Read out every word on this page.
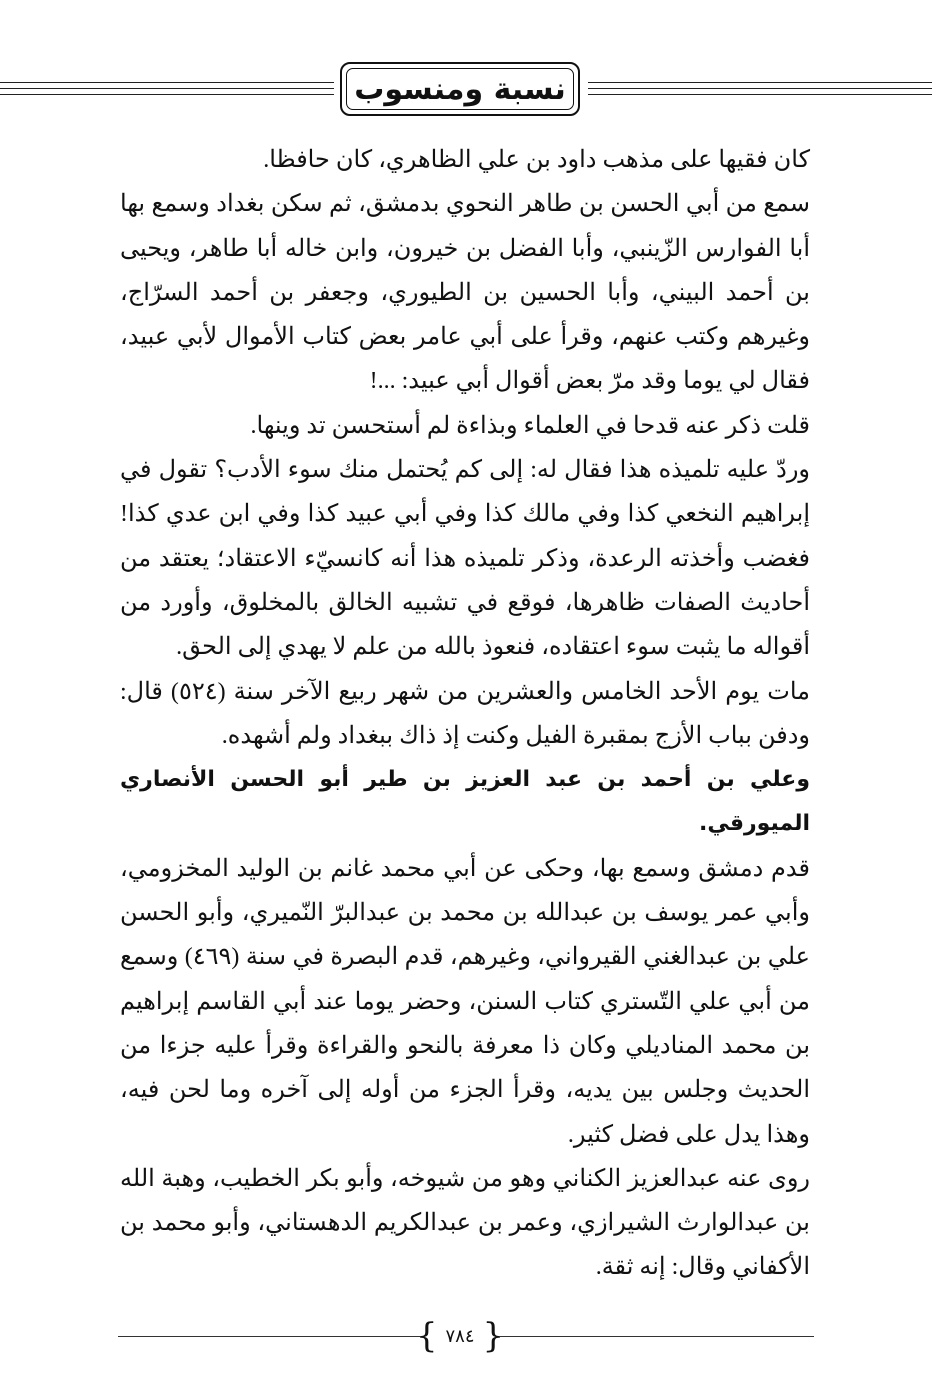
نسبة ومنسوب

كان فقيها على مذهب داود بن علي الظاهري، كان حافظا.

سمع من أبي الحسن بن طاهر النحوي بدمشق، ثم سكن بغداد وسمع بها أبا الفوارس الزّينبي، وأبا الفضل بن خيرون، وابن خاله أبا طاهر، ويحيى بن أحمد البيني، وأبا الحسين بن الطيوري، وجعفر بن أحمد السرّاج، وغيرهم وكتب عنهم، وقرأ على أبي عامر بعض كتاب الأموال لأبي عبيد، فقال لي يوما وقد مرّ بعض أقوال أبي عبيد: ...!

قلت ذكر عنه قدحا في العلماء وبذاءة لم أستحسن تد وينها.

وردّ عليه تلميذه هذا فقال له: إلى كم يُحتمل منك سوء الأدب؟ تقول في إبراهيم النخعي كذا وفي مالك كذا وفي أبي عبيد كذا وفي ابن عدي كذا! فغضب وأخذته الرعدة، وذكر تلميذه هذا أنه كانسيّء الاعتقاد؛ يعتقد من أحاديث الصفات ظاهرها، فوقع في تشبيه الخالق بالمخلوق، وأورد من أقواله ما يثبت سوء اعتقاده، فنعوذ بالله من علم لا يهدي إلى الحق.

مات يوم الأحد الخامس والعشرين من شهر ربيع الآخر سنة (٥٢٤) قال: ودفن بباب الأزج بمقبرة الفيل وكنت إذ ذاك ببغداد ولم أشهده.

وعلي بن أحمد بن عبد العزيز بن طير أبو الحسن الأنصاري الميورقي.

قدم دمشق وسمع بها، وحكى عن أبي محمد غانم بن الوليد المخزومي، وأبي عمر يوسف بن عبدالله بن محمد بن عبدالبرّ النّميري، وأبو الحسن علي بن عبدالغني القيرواني، وغيرهم، قدم البصرة في سنة (٤٦٩) وسمع من أبي علي التّستري كتاب السنن، وحضر يوما عند أبي القاسم إبراهيم بن محمد المناديلي وكان ذا معرفة بالنحو والقراءة وقرأ عليه جزءا من الحديث وجلس بين يديه، وقرأ الجزء من أوله إلى آخره وما لحن فيه، وهذا يدل على فضل كثير.

روى عنه عبدالعزيز الكناني وهو من شيوخه، وأبو بكر الخطيب، وهبة الله بن عبدالوارث الشيرازي، وعمر بن عبدالكريم الدهستاني، وأبو محمد بن الأكفاني وقال: إنه ثقة.

{ ٧٨٤ }
